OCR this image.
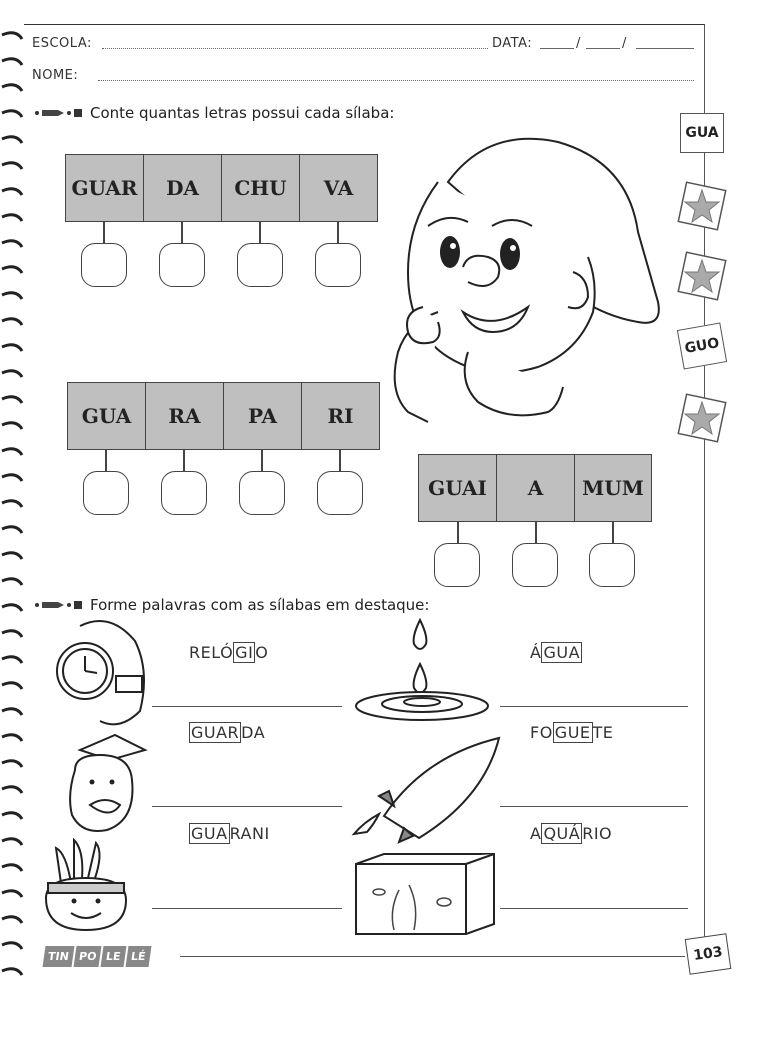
ESCOLA:	DATA:	/	/
NOME:
Conte quantas letras possui cada sílaba:
GUAR	DA	CHU	VA
GUA	RA	PA	RI
GUAI	A	MUM
GUA
GUO
Forme palavras com as sílabas em destaque:
RELÓ GI O	Á GUA
GUAR DA	FO GUE TE
GUA RANI	A QUÁ RIO
TIN PO LE LÉ	103
